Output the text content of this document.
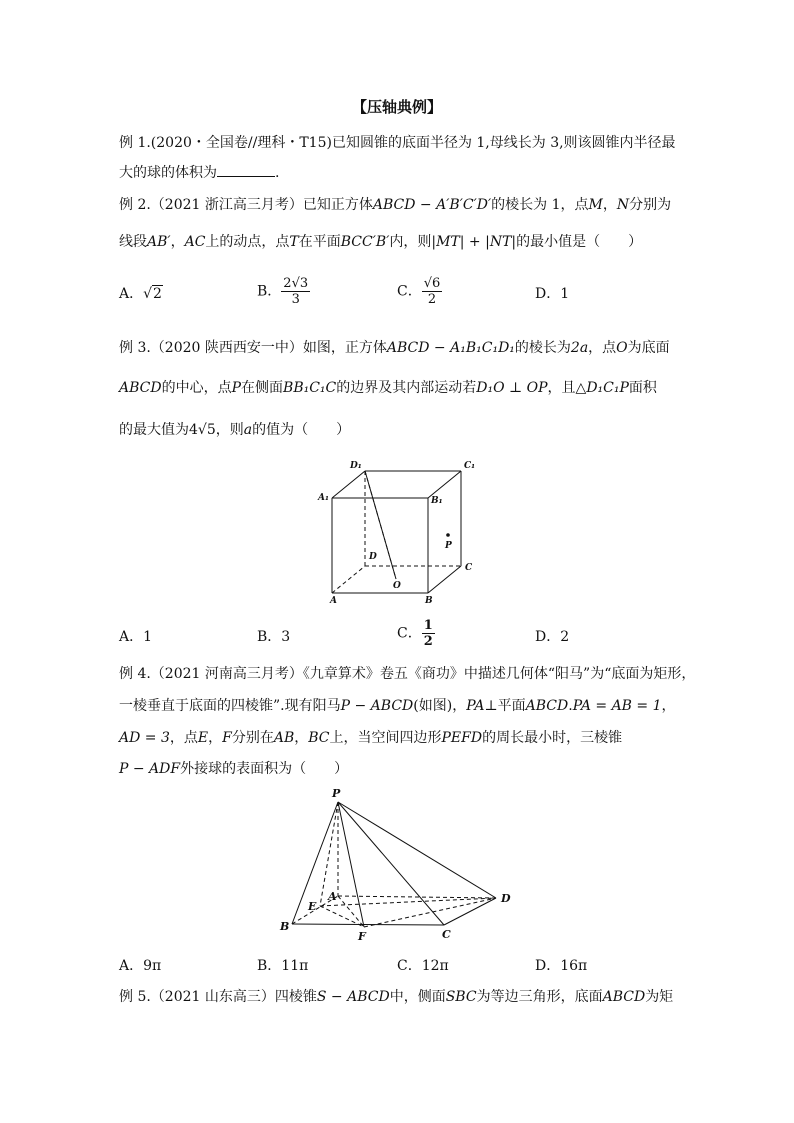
【压轴典例】
例 1.(2020・全国卷//理科・T15)已知圆锥的底面半径为 1,母线长为 3,则该圆锥内半径最
大的球的体积为	.
例 2.（2021 浙江高三月考）已知正方体ABCD − A′B′C′D′的棱长为 1，点M，N分别为
线段AB′，AC上的动点，点T在平面BCC′B′内，则|MT| + |NT|的最小值是（　　）
A．√2	B． $\frac{2√3}{3}$	C． $\frac{√6}{2}$	D．1
例 3.（2020 陕西西安一中）如图，正方体ABCD − A₁B₁C₁D₁的棱长为2a，点O为底面
ABCD的中心，点P在侧面BB₁C₁C的边界及其内部运动若D₁O ⊥ OP，且△D₁C₁P面积
的最大值为4√5，则a的值为（　　）
D₁	C₁
A₁	B₁
P
D
C
O
A	B
A．1	B．3	C． $\frac{1}{2}$	D．2
例 4.（2021 河南高三月考）《九章算术》卷五《商功》中描述几何体“阳马”为“底面为矩形，
一棱垂直于底面的四棱锥”.现有阳马P − ABCD(如图)，PA⊥平面ABCD.PA = AB = 1，
AD = 3，点E，F分别在AB，BC上，当空间四边形PEFD的周长最小时，三棱锥
P − ADF外接球的表面积为（　　）
P
A	D
E
B
F	C
A．9π	B．11π	C．12π	D．16π
例 5.（2021 山东高三）四棱锥S − ABCD中，侧面SBC为等边三角形，底面ABCD为矩
